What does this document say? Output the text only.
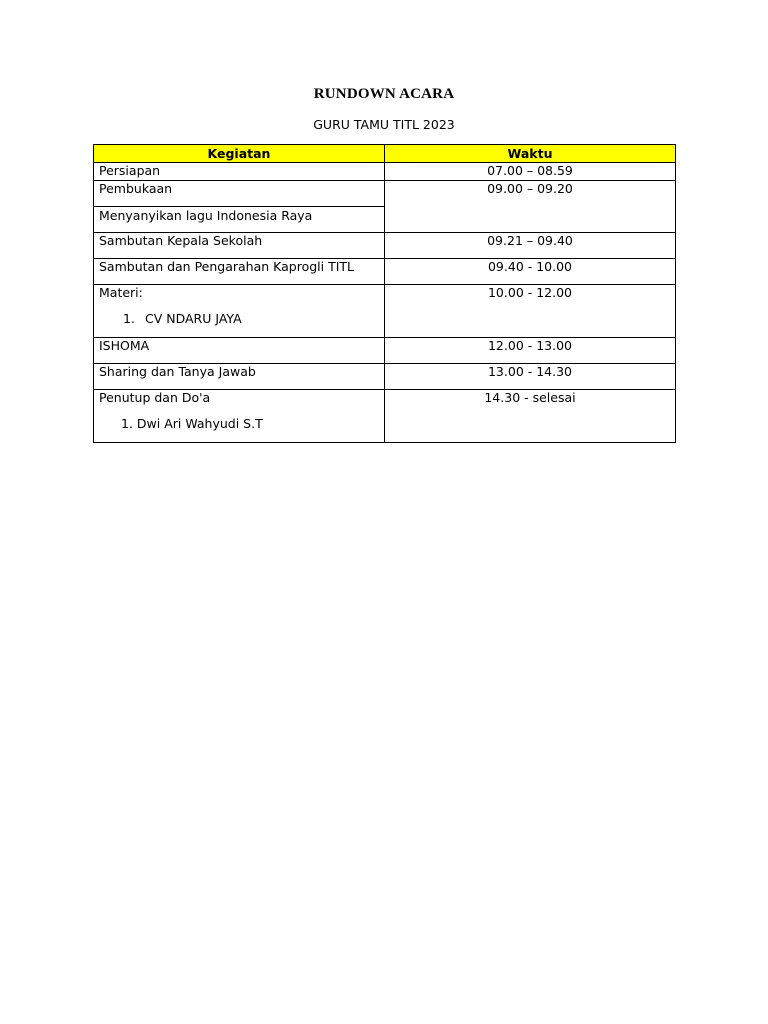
RUNDOWN ACARA
GURU TAMU TITL 2023
Kegiatan	Waktu
Persiapan	07.00 – 08.59
Pembukaan	09.00 – 09.20
Menyanyikan lagu Indonesia Raya	
Sambutan Kepala Sekolah	09.21 – 09.40
Sambutan dan Pengarahan Kaprogli TITL	09.40 - 10.00

Materi:
1. CV NDARU JAYA	10.00 - 12.00
ISHOMA	12.00 - 13.00
Sharing dan Tanya Jawab	13.00 - 14.30

Penutup dan Do'a
1. Dwi Ari Wahyudi S.T	14.30 - selesai
